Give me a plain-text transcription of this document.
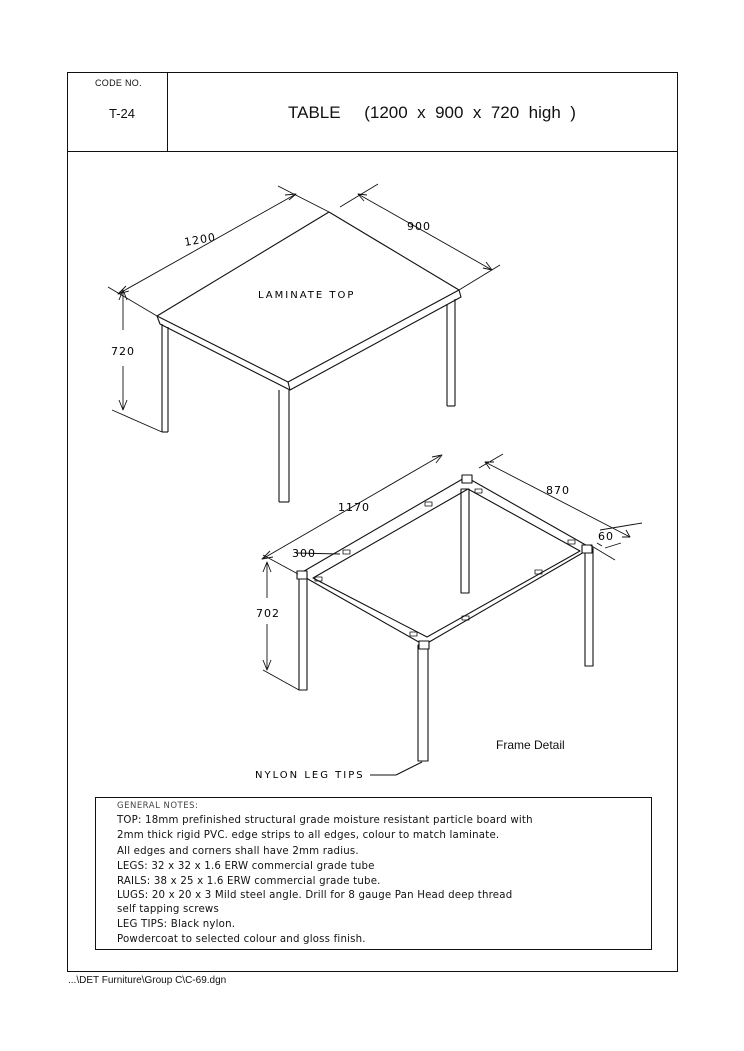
CODE NO.
T-24	TABLE     (1200  x  900  x  720  high  )
1200
900
720
LAMINATE TOP
1170
870
300
60
702
NYLON LEG TIPS
Frame Detail
GENERAL NOTES:
TOP: 18mm prefinished structural grade moisture resistant particle board with
2mm thick rigid PVC. edge strips to all edges, colour to match laminate.
All edges and corners shall have 2mm radius.
LEGS: 32 x 32 x 1.6 ERW commercial grade tube
RAILS: 38 x 25 x 1.6 ERW commercial grade tube.
LUGS: 20 x 20 x 3 Mild steel angle. Drill for 8 gauge Pan Head deep thread
self tapping screws
LEG TIPS: Black nylon.
Powdercoat to selected colour and gloss finish.
...\DET Furniture\Group C\C-69.dgn
